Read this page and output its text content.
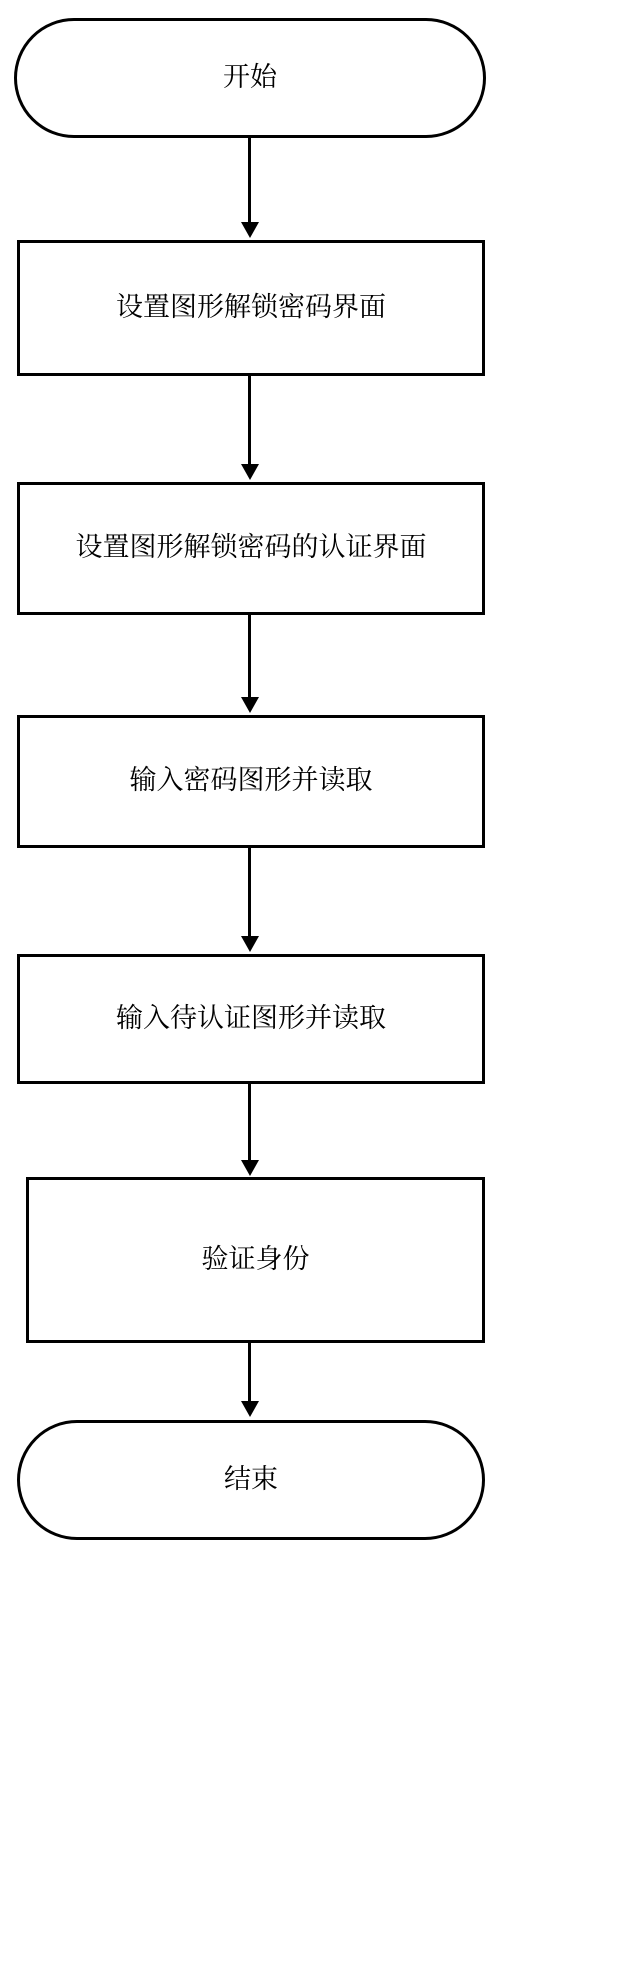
开始
设置图形解锁密码界面
设置图形解锁密码的认证界面
输入密码图形并读取
输入待认证图形并读取
验证身份
结束
